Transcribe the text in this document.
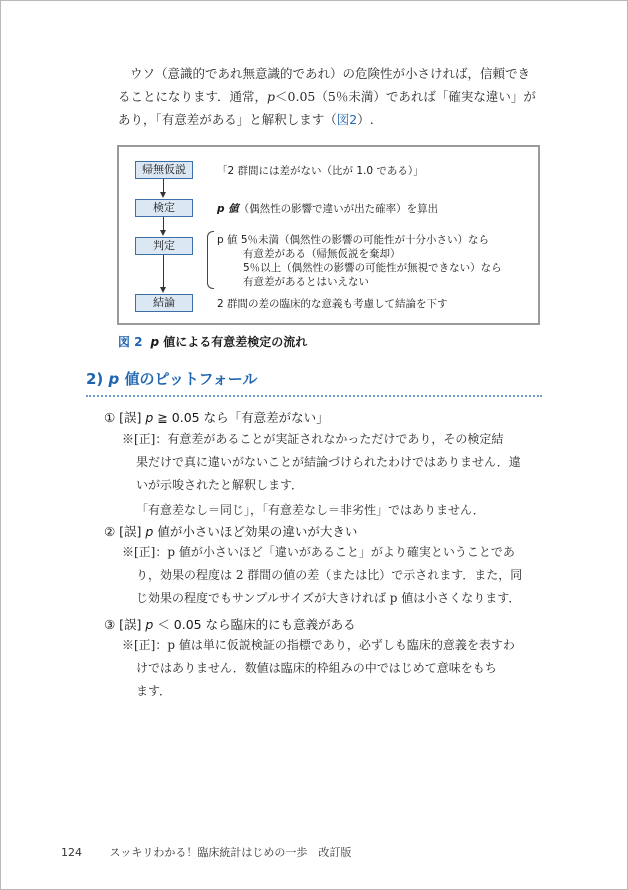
ウソ（意識的であれ無意識的であれ）の危険性が小さければ，信頼でき
ることになります．通常，p＜0.05（5％未満）であれば「確実な違い」が
あり，「有意差がある」と解釈します（図2）.
帰無仮説
検定
判定
結論
「2 群間には差がない（比が 1.0 である）」
p 値（偶然性の影響で違いが出た確率）を算出
p 値 5％未満（偶然性の影響の可能性が十分小さい）なら
有意差がある（帰無仮説を棄却）
5％以上（偶然性の影響の可能性が無視できない）なら
有意差があるとはいえない
2 群間の差の臨床的な意義も考慮して結論を下す
図 2 p 値による有意差検定の流れ
2) p 値のピットフォール
① [誤] p ≧ 0.05 なら「有意差がない」
※[正]：有意差があることが実証されなかっただけであり，その検定結
果だけで真に違いがないことが結論づけられたわけではありません．違
いが示唆されたと解釈します．
「有意差なし＝同じ」，「有意差なし＝非劣性」ではありません．
② [誤] p 値が小さいほど効果の違いが大きい
※[正]：p 値が小さいほど「違いがあること」がより確実ということであ
り，効果の程度は 2 群間の値の差（または比）で示されます．また，同
じ効果の程度でもサンプルサイズが大きければ p 値は小さくなります．
③ [誤] p ＜ 0.05 なら臨床的にも意義がある
※[正]：p 値は単に仮説検証の指標であり，必ずしも臨床的意義を表すわ
けではありません．数値は臨床的枠組みの中ではじめて意味をもち
ます．
124	スッキリわかる！臨床統計はじめの一歩　改訂版
